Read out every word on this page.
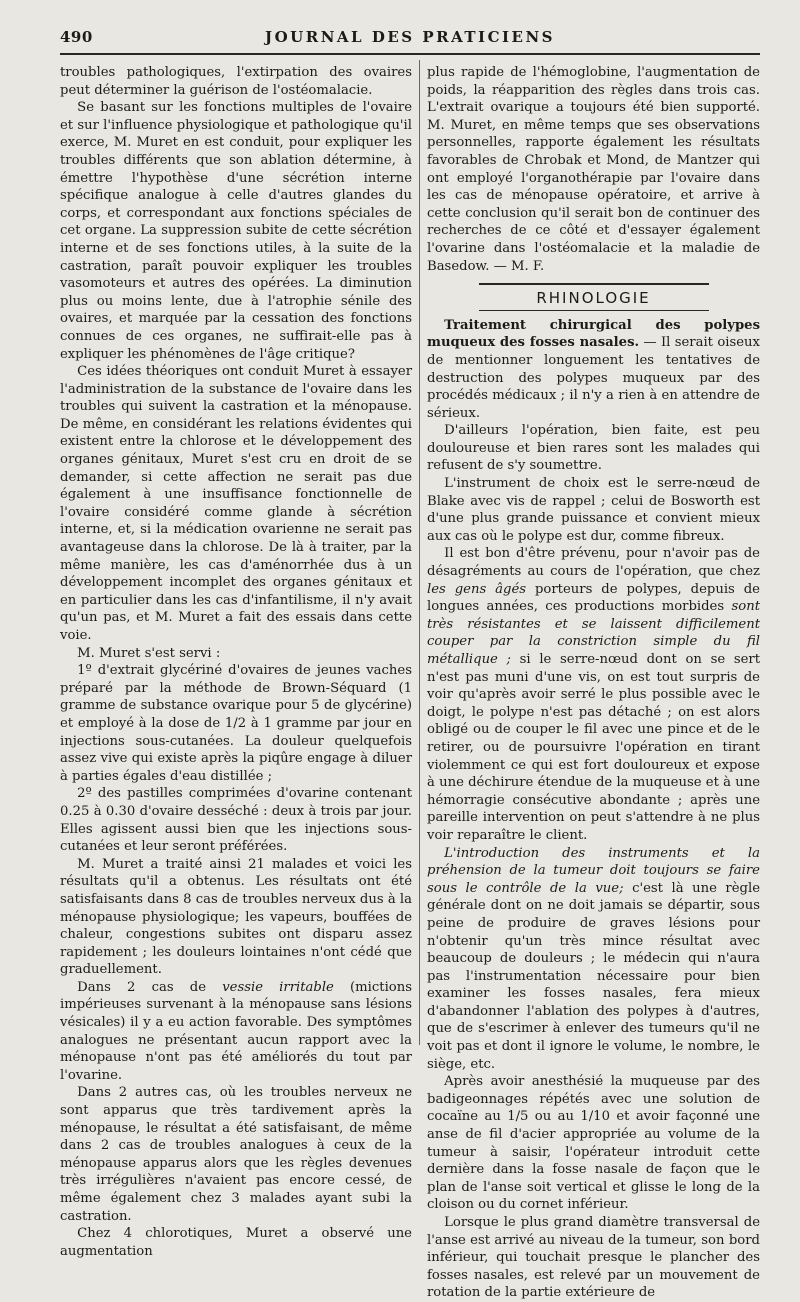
490	JOURNAL DES PRATICIENS

troubles pathologiques, l'extirpation des ovaires peut déterminer la guérison de l'ostéomalacie.

Se basant sur les fonctions multiples de l'ovaire et sur l'influence physiologique et pathologique qu'il exerce, M. Muret en est conduit, pour expliquer les troubles différents que son ablation détermine, à émettre l'hypothèse d'une sécrétion interne spécifique analogue à celle d'autres glandes du corps, et correspondant aux fonctions spéciales de cet organe. La suppression subite de cette sécrétion interne et de ses fonctions utiles, à la suite de la castration, paraît pouvoir expliquer les troubles vasomoteurs et autres des opérées. La diminution plus ou moins lente, due à l'atrophie sénile des ovaires, et marquée par la cessation des fonctions connues de ces organes, ne suffirait-elle pas à expliquer les phénomènes de l'âge critique?

Ces idées théoriques ont conduit Muret à essayer l'administration de la substance de l'ovaire dans les troubles qui suivent la castration et la ménopause. De même, en considérant les relations évidentes qui existent entre la chlorose et le développement des organes génitaux, Muret s'est cru en droit de se demander, si cette affection ne serait pas due également à une insuffisance fonctionnelle de l'ovaire considéré comme glande à sécrétion interne, et, si la médication ovarienne ne serait pas avantageuse dans la chlorose. De là à traiter, par la même manière, les cas d'aménorrhée dus à un développement incomplet des organes génitaux et en particulier dans les cas d'infantilisme, il n'y avait qu'un pas, et M. Muret a fait des essais dans cette voie.

M. Muret s'est servi :

1º d'extrait glycériné d'ovaires de jeunes vaches préparé par la méthode de Brown-Séquard (1 gramme de substance ovarique pour 5 de glycérine) et employé à la dose de 1/2 à 1 gramme par jour en injections sous-cutanées. La douleur quelquefois assez vive qui existe après la piqûre engage à diluer à parties égales d'eau distillée ;

2º des pastilles comprimées d'ovarine contenant 0.25 à 0.30 d'ovaire desséché : deux à trois par jour. Elles agissent aussi bien que les injections sous-cutanées et leur seront préférées.

M. Muret a traité ainsi 21 malades et voici les résultats qu'il a obtenus. Les résultats ont été satisfaisants dans 8 cas de troubles nerveux dus à la ménopause physiologique; les vapeurs, bouffées de chaleur, congestions subites ont disparu assez rapidement ; les douleurs lointaines n'ont cédé que graduellement.

Dans 2 cas de vessie irritable (mictions impérieuses survenant à la ménopause sans lésions vésicales) il y a eu action favorable. Des symptômes analogues ne présentant aucun rapport avec la ménopause n'ont pas été améliorés du tout par l'ovarine.

Dans 2 autres cas, où les troubles nerveux ne sont apparus que très tardivement après la ménopause, le résultat a été satisfaisant, de même dans 2 cas de troubles analogues à ceux de la ménopause apparus alors que les règles devenues très irrégulières n'avaient pas encore cessé, de même également chez 3 malades ayant subi la castration.

Chez 4 chlorotiques, Muret a observé une augmentation

plus rapide de l'hémoglobine, l'augmentation de poids, la réapparition des règles dans trois cas. L'extrait ovarique a toujours été bien supporté. M. Muret, en même temps que ses observations personnelles, rapporte également les résultats favorables de Chrobak et Mond, de Mantzer qui ont employé l'organothérapie par l'ovaire dans les cas de ménopause opératoire, et arrive à cette conclusion qu'il serait bon de continuer des recherches de ce côté et d'essayer également l'ovarine dans l'ostéomalacie et la maladie de Basedow. — M. F.

RHINOLOGIE

Traitement chirurgical des polypes muqueux des fosses nasales. — Il serait oiseux de mentionner longuement les tentatives de destruction des polypes muqueux par des procédés médicaux ; il n'y a rien à en attendre de sérieux.

D'ailleurs l'opération, bien faite, est peu douloureuse et bien rares sont les malades qui refusent de s'y soumettre.

L'instrument de choix est le serre-nœud de Blake avec vis de rappel ; celui de Bosworth est d'une plus grande puissance et convient mieux aux cas où le polype est dur, comme fibreux.

Il est bon d'être prévenu, pour n'avoir pas de désagréments au cours de l'opération, que chez les gens âgés porteurs de polypes, depuis de longues années, ces productions morbides sont très résistantes et se laissent difficilement couper par la constriction simple du fil métallique ; si le serre-nœud dont on se sert n'est pas muni d'une vis, on est tout surpris de voir qu'après avoir serré le plus possible avec le doigt, le polype n'est pas détaché ; on est alors obligé ou de couper le fil avec une pince et de le retirer, ou de poursuivre l'opération en tirant violemment ce qui est fort douloureux et expose à une déchirure étendue de la muqueuse et à une hémorragie consécutive abondante ; après une pareille intervention on peut s'attendre à ne plus voir reparaître le client.

L'introduction des instruments et la préhension de la tumeur doit toujours se faire sous le contrôle de la vue; c'est là une règle générale dont on ne doit jamais se départir, sous peine de produire de graves lésions pour n'obtenir qu'un très mince résultat avec beaucoup de douleurs ; le médecin qui n'aura pas l'instrumentation nécessaire pour bien examiner les fosses nasales, fera mieux d'abandonner l'ablation des polypes à d'autres, que de s'escrimer à enlever des tumeurs qu'il ne voit pas et dont il ignore le volume, le nombre, le siège, etc.

Après avoir anesthésié la muqueuse par des badigeonnages répétés avec une solution de cocaïne au 1/5 ou au 1/10 et avoir façonné une anse de fil d'acier appropriée au volume de la tumeur à saisir, l'opérateur introduit cette dernière dans la fosse nasale de façon que le plan de l'anse soit vertical et glisse le long de la cloison ou du cornet inférieur.

Lorsque le plus grand diamètre transversal de l'anse est arrivé au niveau de la tumeur, son bord inférieur, qui touchait presque le plancher des fosses nasales, est relevé par un mouvement de rotation de la partie extérieure de
